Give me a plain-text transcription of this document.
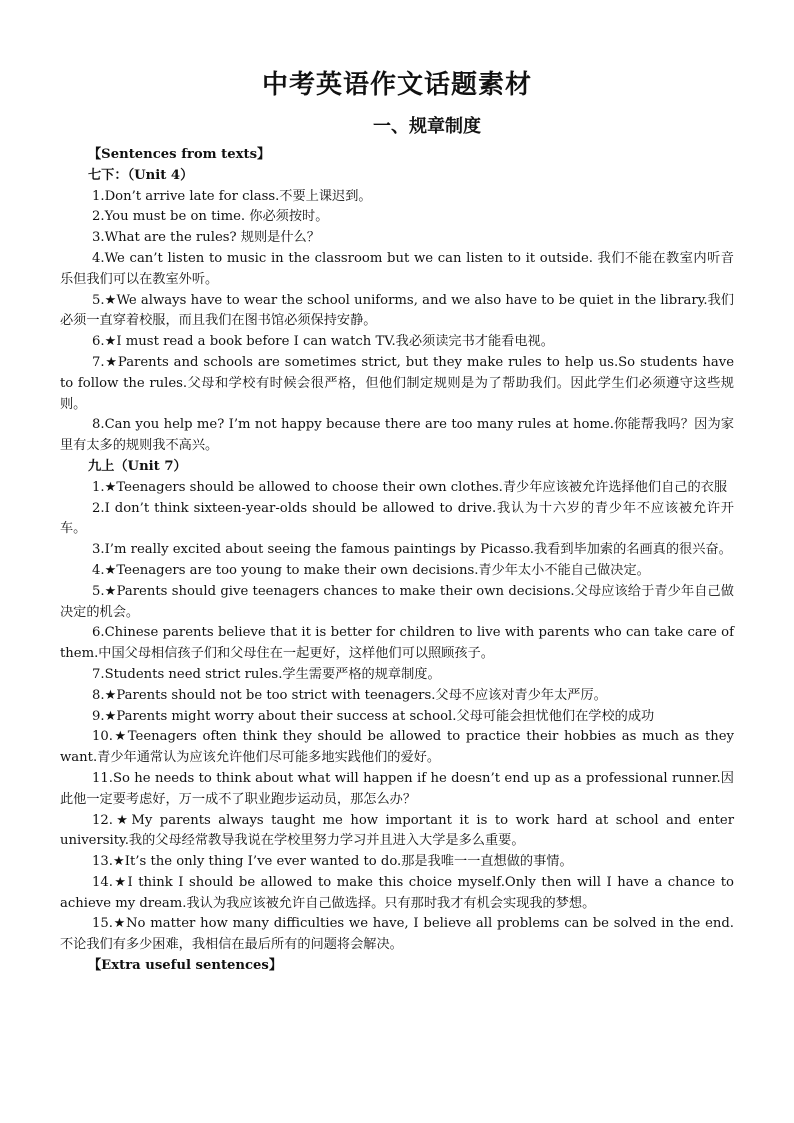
中考英语作文话题素材
一、规章制度

【Sentences from texts】

七下：（Unit 4）

1.Don’t arrive late for class.不要上课迟到。

2.You must be on time. 你必须按时。

3.What are the rules? 规则是什么？

4.We can’t listen to music in the classroom but we can listen to it outside. 我们不能在教室内听音乐但我们可以在教室外听。

5.★We always have to wear the school uniforms, and we also have to be quiet in the library.我们必须一直穿着校服，而且我们在图书馆必须保持安静。

6.★I must read a book before I can watch TV.我必须读完书才能看电视。

7.★Parents and schools are sometimes strict, but they make rules to help us.So students have to follow the rules.父母和学校有时候会很严格，但他们制定规则是为了帮助我们。因此学生们必须遵守这些规则。

8.Can you help me? I’m not happy because there are too many rules at home.你能帮我吗？因为家里有太多的规则我不高兴。

九上（Unit 7）

1.★Teenagers should be allowed to choose their own clothes.青少年应该被允许选择他们自己的衣服

2.I don’t think sixteen-year-olds should be allowed to drive.我认为十六岁的青少年不应该被允许开车。

3.I’m really excited about seeing the famous paintings by Picasso.我看到毕加索的名画真的很兴奋。

4.★Teenagers are too young to make their own decisions.青少年太小不能自己做决定。

5.★Parents should give teenagers chances to make their own decisions.父母应该给于青少年自己做决定的机会。

6.Chinese parents believe that it is better for children to live with parents who can take care of them.中国父母相信孩子们和父母住在一起更好，这样他们可以照顾孩子。

7.Students need strict rules.学生需要严格的规章制度。

8.★Parents should not be too strict with teenagers.父母不应该对青少年太严厉。

9.★Parents might worry about their success at school.父母可能会担忧他们在学校的成功

10.★Teenagers often think they should be allowed to practice their hobbies as much as they want.青少年通常认为应该允许他们尽可能多地实践他们的爱好。

11.So he needs to think about what will happen if he doesn’t end up as a professional runner.因此他一定要考虑好，万一成不了职业跑步运动员，那怎么办？

12.★My parents always taught me how important it is to work hard at school and enter university.我的父母经常教导我说在学校里努力学习并且进入大学是多么重要。

13.★It’s the only thing I’ve ever wanted to do.那是我唯一一直想做的事情。

14.★I think I should be allowed to make this choice myself.Only then will I have a chance to achieve my dream.我认为我应该被允许自己做选择。只有那时我才有机会实现我的梦想。

15.★No matter how many difficulties we have, I believe all problems can be solved in the end.不论我们有多少困难，我相信在最后所有的问题将会解决。

【Extra useful sentences】
